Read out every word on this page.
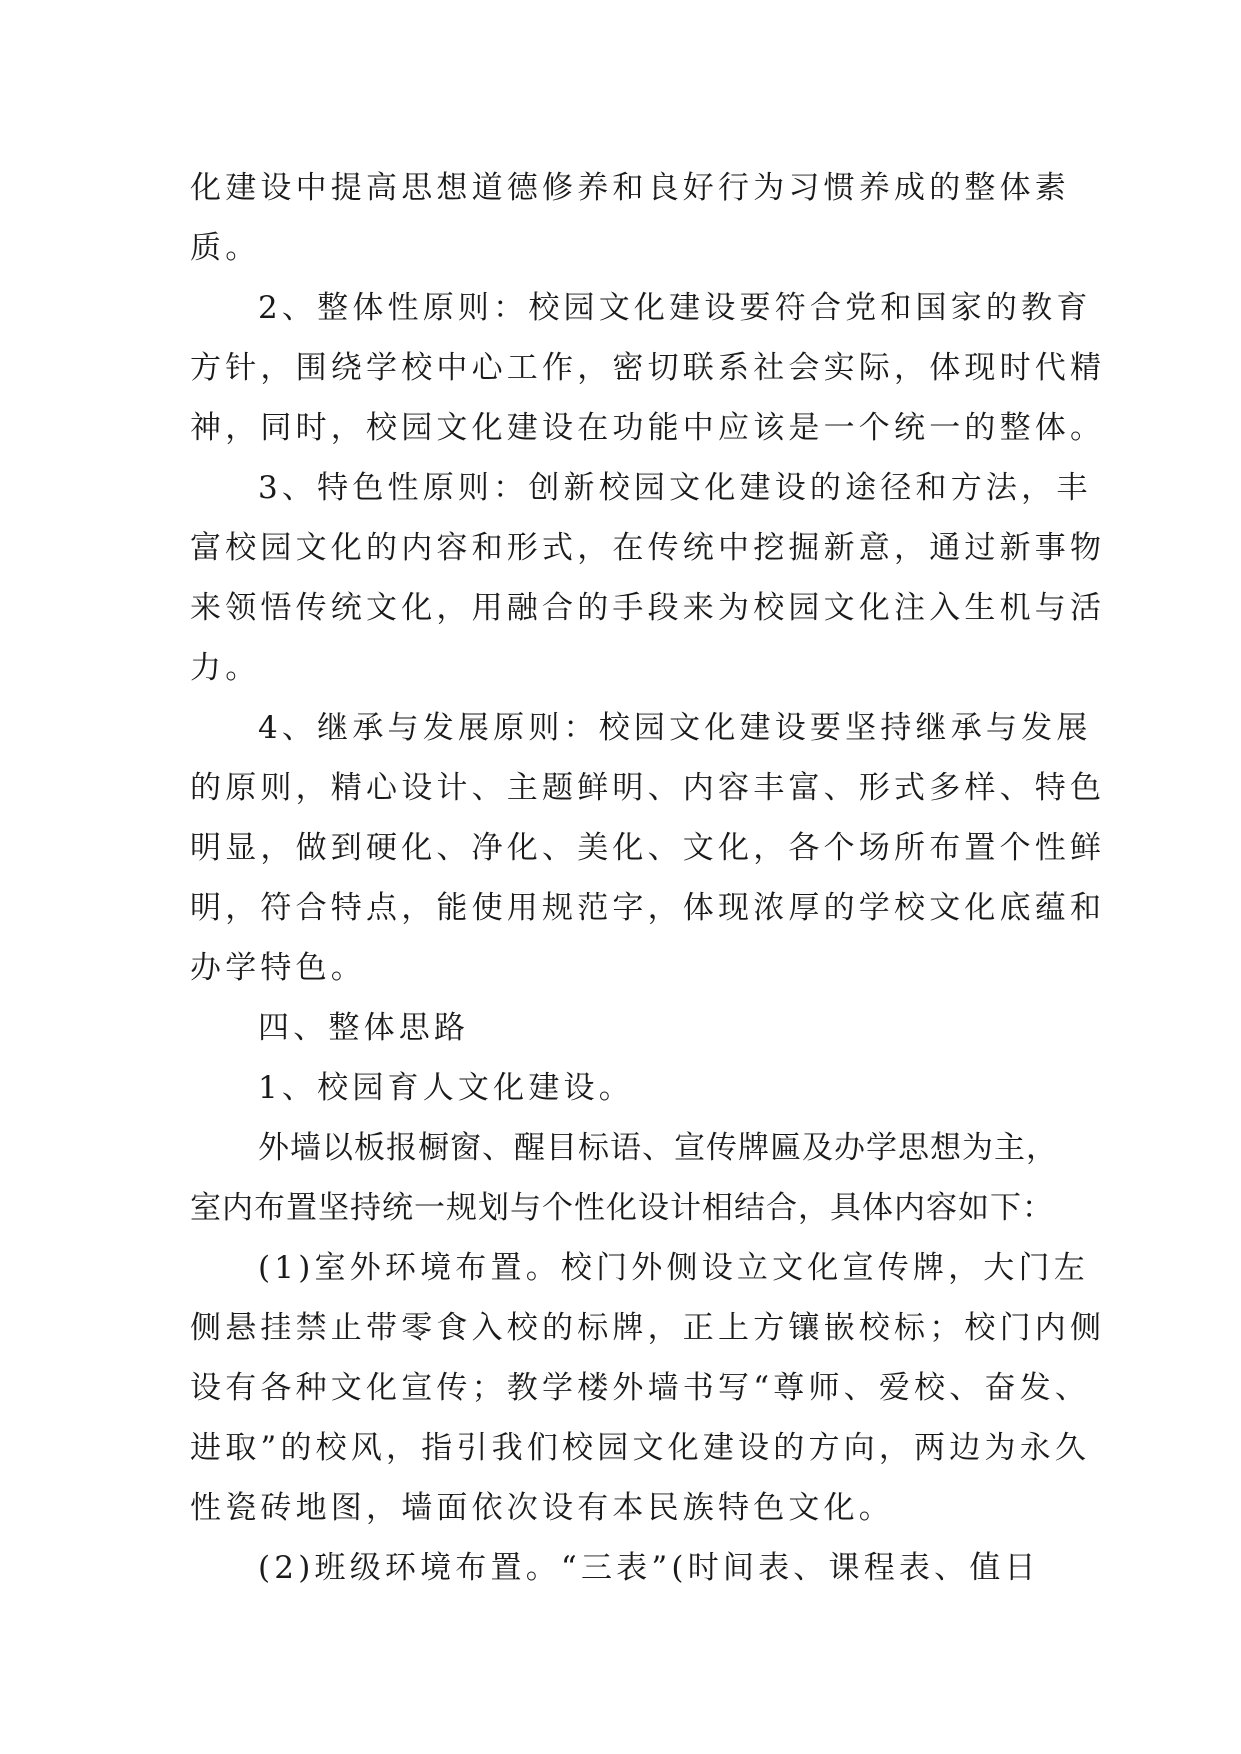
化建设中提高思想道德修养和良好行为习惯养成的整体素
质。
2、整体性原则：校园文化建设要符合党和国家的教育
方针，围绕学校中心工作，密切联系社会实际，体现时代精
神，同时，校园文化建设在功能中应该是一个统一的整体。
3、特色性原则：创新校园文化建设的途径和方法，丰
富校园文化的内容和形式，在传统中挖掘新意，通过新事物
来领悟传统文化，用融合的手段来为校园文化注入生机与活
力。
4、继承与发展原则：校园文化建设要坚持继承与发展
的原则，精心设计、主题鲜明、内容丰富、形式多样、特色
明显，做到硬化、净化、美化、文化，各个场所布置个性鲜
明，符合特点，能使用规范字，体现浓厚的学校文化底蕴和
办学特色。
四、整体思路
1、校园育人文化建设。
外墙以板报橱窗、醒目标语、宣传牌匾及办学思想为主，
室内布置坚持统一规划与个性化设计相结合，具体内容如下：
(1)室外环境布置。校门外侧设立文化宣传牌，大门左
侧悬挂禁止带零食入校的标牌，正上方镶嵌校标；校门内侧
设有各种文化宣传；教学楼外墙书写“尊师、爱校、奋发、
进取”的校风，指引我们校园文化建设的方向，两边为永久
性瓷砖地图，墙面依次设有本民族特色文化。
(2)班级环境布置。“三表”(时间表、课程表、值日
